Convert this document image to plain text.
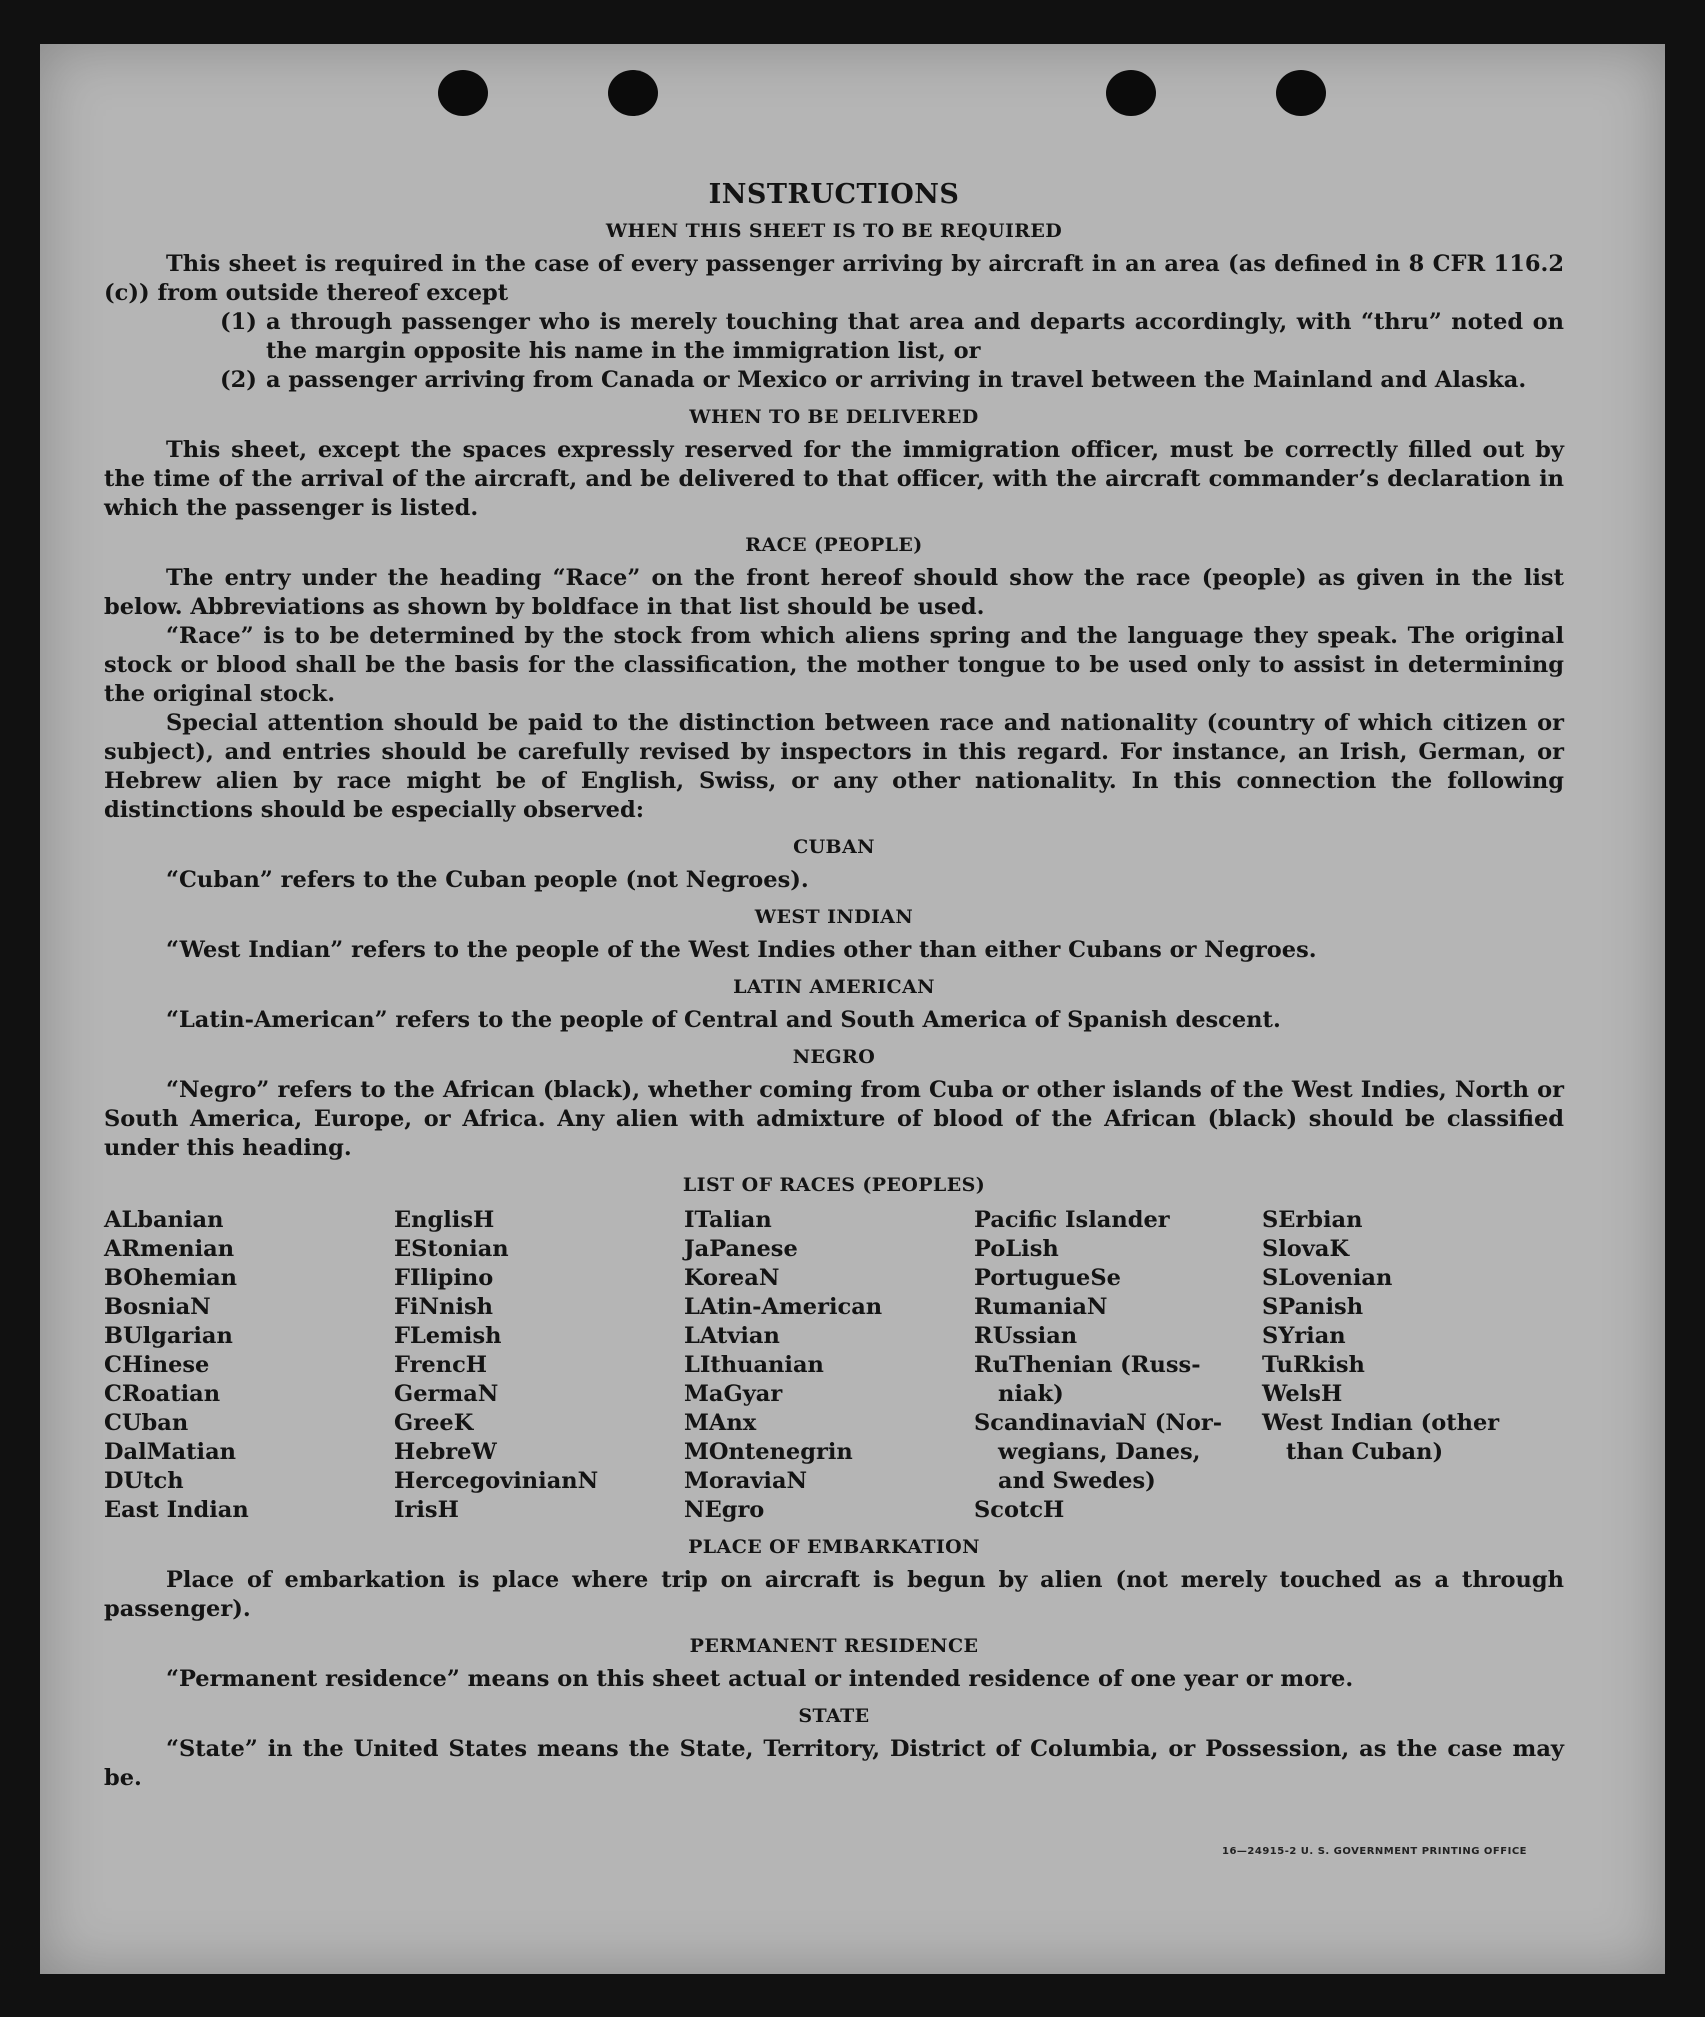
INSTRUCTIONS
WHEN THIS SHEET IS TO BE REQUIRED

This sheet is required in the case of every passenger arriving by aircraft in an area (as defined in 8 CFR 116.2 (c)) from outside thereof except

(1) a through passenger who is merely touching that area and departs accordingly, with “thru” noted on the margin opposite his name in the immigration list, or
(2) a passenger arriving from Canada or Mexico or arriving in travel between the Mainland and Alaska.
WHEN TO BE DELIVERED

This sheet, except the spaces expressly reserved for the immigration officer, must be correctly filled out by the time of the arrival of the aircraft, and be delivered to that officer, with the aircraft commander’s declaration in which the passenger is listed.

RACE (PEOPLE)

The entry under the heading “Race” on the front hereof should show the race (people) as given in the list below. Abbreviations as shown by boldface in that list should be used.

“Race” is to be determined by the stock from which aliens spring and the language they speak. The original stock or blood shall be the basis for the classification, the mother tongue to be used only to assist in determining the original stock.

Special attention should be paid to the distinction between race and nationality (country of which citizen or subject), and entries should be carefully revised by inspectors in this regard. For instance, an Irish, German, or Hebrew alien by race might be of English, Swiss, or any other nationality. In this connection the following distinctions should be especially observed:

CUBAN

“Cuban” refers to the Cuban people (not Negroes).

WEST INDIAN

“West Indian” refers to the people of the West Indies other than either Cubans or Negroes.

LATIN AMERICAN

“Latin-American” refers to the people of Central and South America of Spanish descent.

NEGRO

“Negro” refers to the African (black), whether coming from Cuba or other islands of the West Indies, North or South America, Europe, or Africa. Any alien with admixture of blood of the African (black) should be classified under this heading.

LIST OF RACES (PEOPLES)
ALbanian
ARmenian
BOhemian
BosniaN
BUlgarian
CHinese
CRoatian
CUban
DalMatian
DUtch
East Indian
EnglisH
EStonian
FIlipino
FiNnish
FLemish
FrencH
GermaN
GreeK
HebreW
HercegovinianN
IrisH
ITalian
JaPanese
KoreaN
LAtin-American
LAtvian
LIthuanian
MaGyar
MAnx
MOntenegrin
MoraviaN
NEgro
Pacific Islander
PoLish
PortugueSe
RumaniaN
RUssian
RuThenian (Russ-
niak)
ScandinaviaN (Nor-
wegians, Danes,
and Swedes)
ScotcH
SErbian
SlovaK
SLovenian
SPanish
SYrian
TuRkish
WelsH
West Indian (other
than Cuban)
PLACE OF EMBARKATION

Place of embarkation is place where trip on aircraft is begun by alien (not merely touched as a through passenger).

PERMANENT RESIDENCE

“Permanent residence” means on this sheet actual or intended residence of one year or more.

STATE

“State” in the United States means the State, Territory, District of Columbia, or Possession, as the case may be.

16—24915-2 U. S. GOVERNMENT PRINTING OFFICE
